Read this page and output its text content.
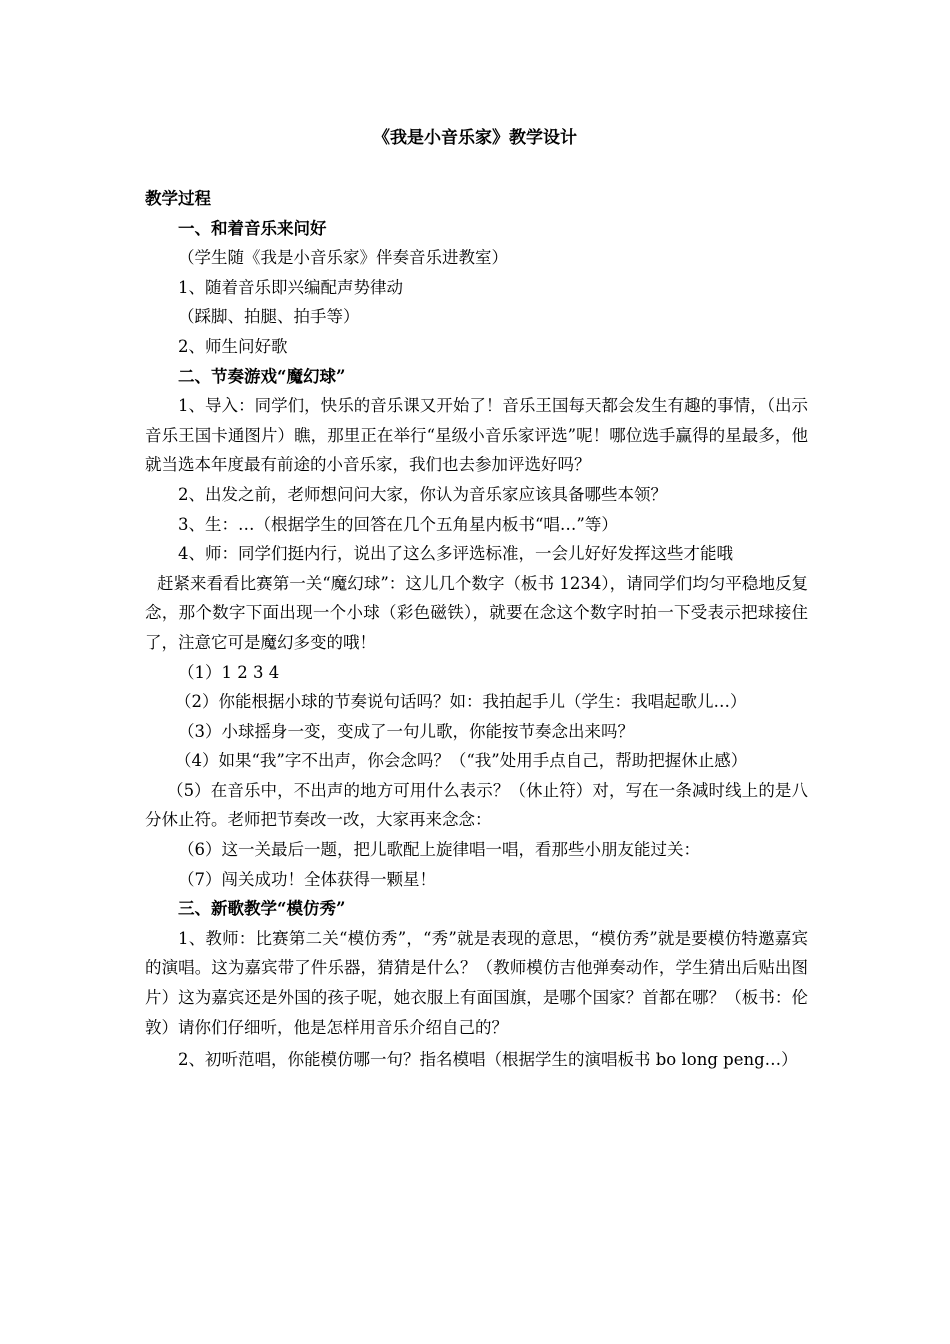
《我是小音乐家》教学设计

教学过程

一、和着音乐来问好

（学生随《我是小音乐家》伴奏音乐进教室）

1、随着音乐即兴编配声势律动

（踩脚、拍腿、拍手等）

2、师生问好歌

二、节奏游戏“魔幻球”

1、导入：同学们，快乐的音乐课又开始了！音乐王国每天都会发生有趣的事情，（出示音乐王国卡通图片）瞧，那里正在举行“星级小音乐家评选”呢！哪位选手赢得的星最多，他就当选本年度最有前途的小音乐家，我们也去参加评选好吗？

2、出发之前，老师想问问大家，你认为音乐家应该具备哪些本领？

3、生：…（根据学生的回答在几个五角星内板书“唱…”等）

4、师：同学们挺内行，说出了这么多评选标准，一会儿好好发挥这些才能哦

赶紧来看看比赛第一关“魔幻球”：这儿几个数字（板书 1234），请同学们均匀平稳地反复念，那个数字下面出现一个小球（彩色磁铁），就要在念这个数字时拍一下受表示把球接住了，注意它可是魔幻多变的哦！

（1）1 2 3 4

（2）你能根据小球的节奏说句话吗？如：我拍起手儿（学生：我唱起歌儿…）

（3）小球摇身一变，变成了一句儿歌，你能按节奏念出来吗？

（4）如果“我”字不出声，你会念吗？（“我”处用手点自己，帮助把握休止感）

（5）在音乐中，不出声的地方可用什么表示？（休止符）对，写在一条减时线上的是八分休止符。老师把节奏改一改，大家再来念念：

（6）这一关最后一题，把儿歌配上旋律唱一唱，看那些小朋友能过关：

（7）闯关成功！全体获得一颗星！

三、新歌教学“模仿秀”

1、教师：比赛第二关“模仿秀”，“秀”就是表现的意思，“模仿秀”就是要模仿特邀嘉宾的演唱。这为嘉宾带了件乐器，猜猜是什么？（教师模仿吉他弹奏动作，学生猜出后贴出图片）这为嘉宾还是外国的孩子呢，她衣服上有面国旗，是哪个国家？首都在哪？（板书：伦敦）请你们仔细听，他是怎样用音乐介绍自己的？

2、初听范唱，你能模仿哪一句？指名模唱（根据学生的演唱板书 bo long peng…）
